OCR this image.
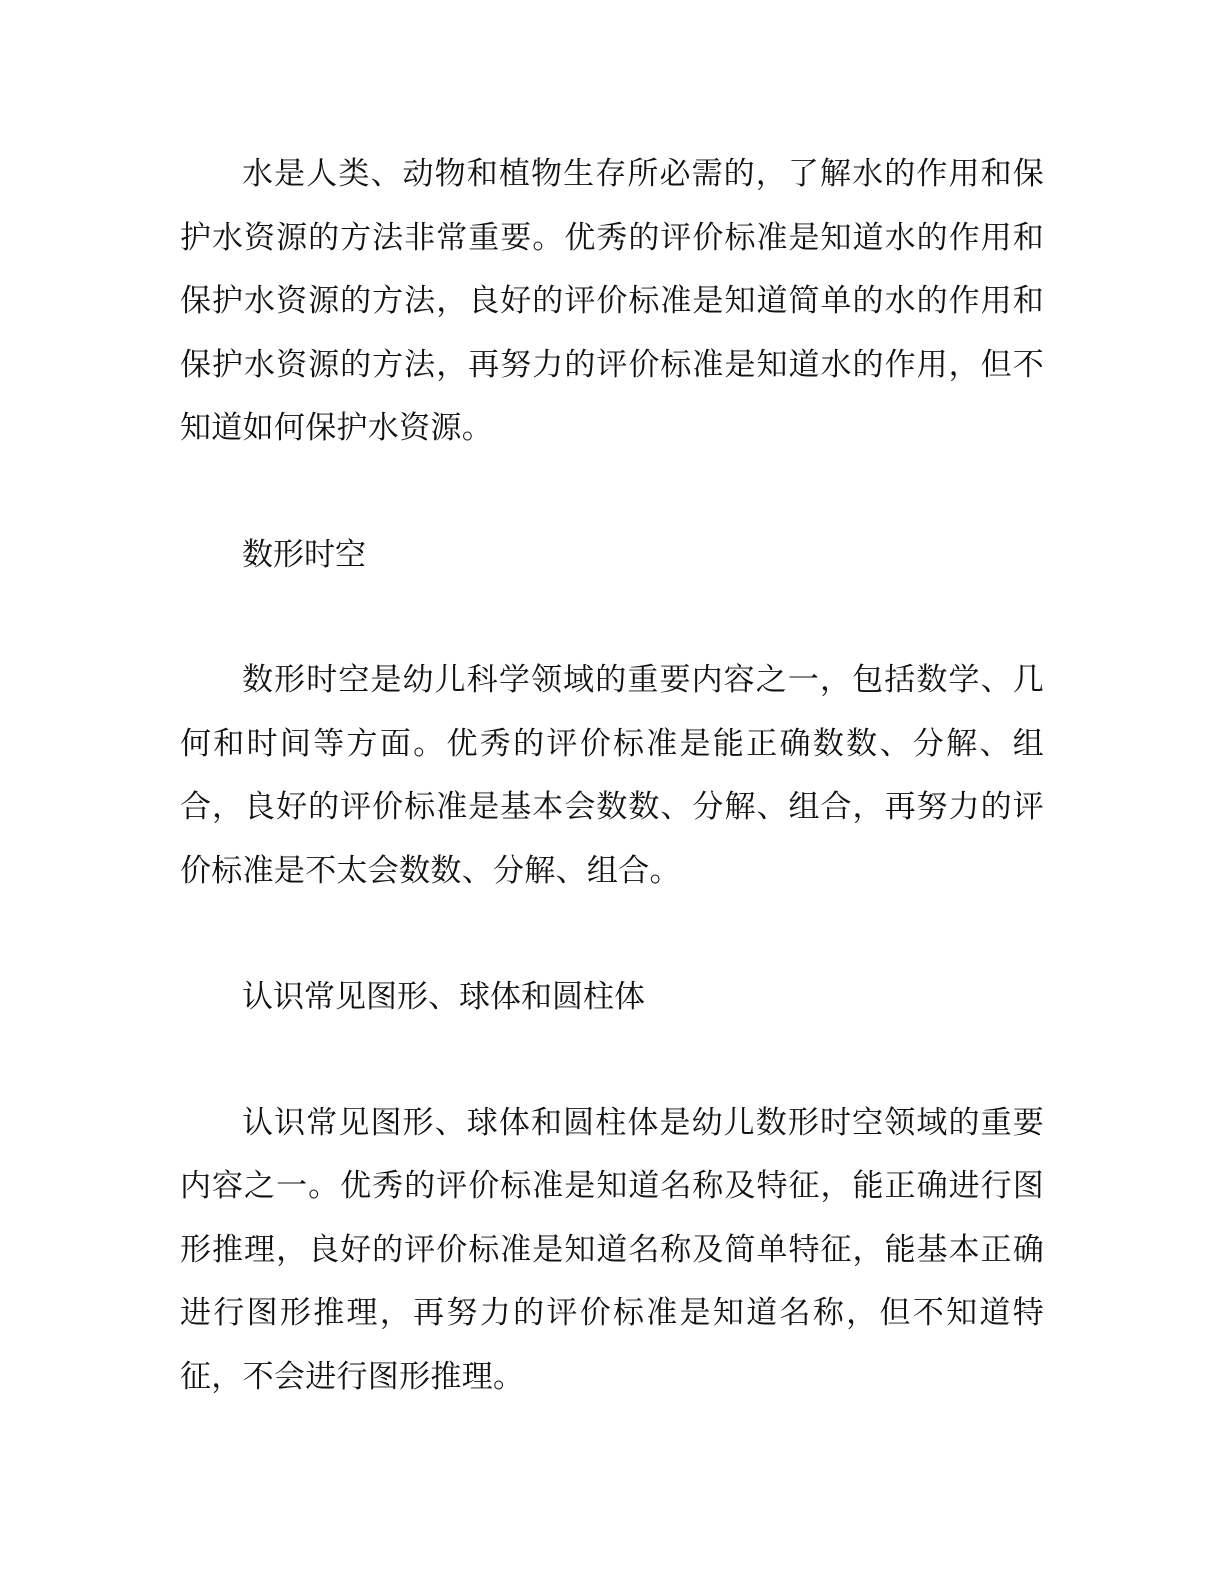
水是人类、动物和植物生存所必需的，了解水的作用和保护水资源的方法非常重要。优秀的评价标准是知道水的作用和保护水资源的方法，良好的评价标准是知道简单的水的作用和保护水资源的方法，再努力的评价标准是知道水的作用，但不知道如何保护水资源。

数形时空

数形时空是幼儿科学领域的重要内容之一，包括数学、几何和时间等方面。优秀的评价标准是能正确数数、分解、组合，良好的评价标准是基本会数数、分解、组合，再努力的评价标准是不太会数数、分解、组合。

认识常见图形、球体和圆柱体

认识常见图形、球体和圆柱体是幼儿数形时空领域的重要内容之一。优秀的评价标准是知道名称及特征，能正确进行图形推理，良好的评价标准是知道名称及简单特征，能基本正确进行图形推理，再努力的评价标准是知道名称，但不知道特征，不会进行图形推理。
